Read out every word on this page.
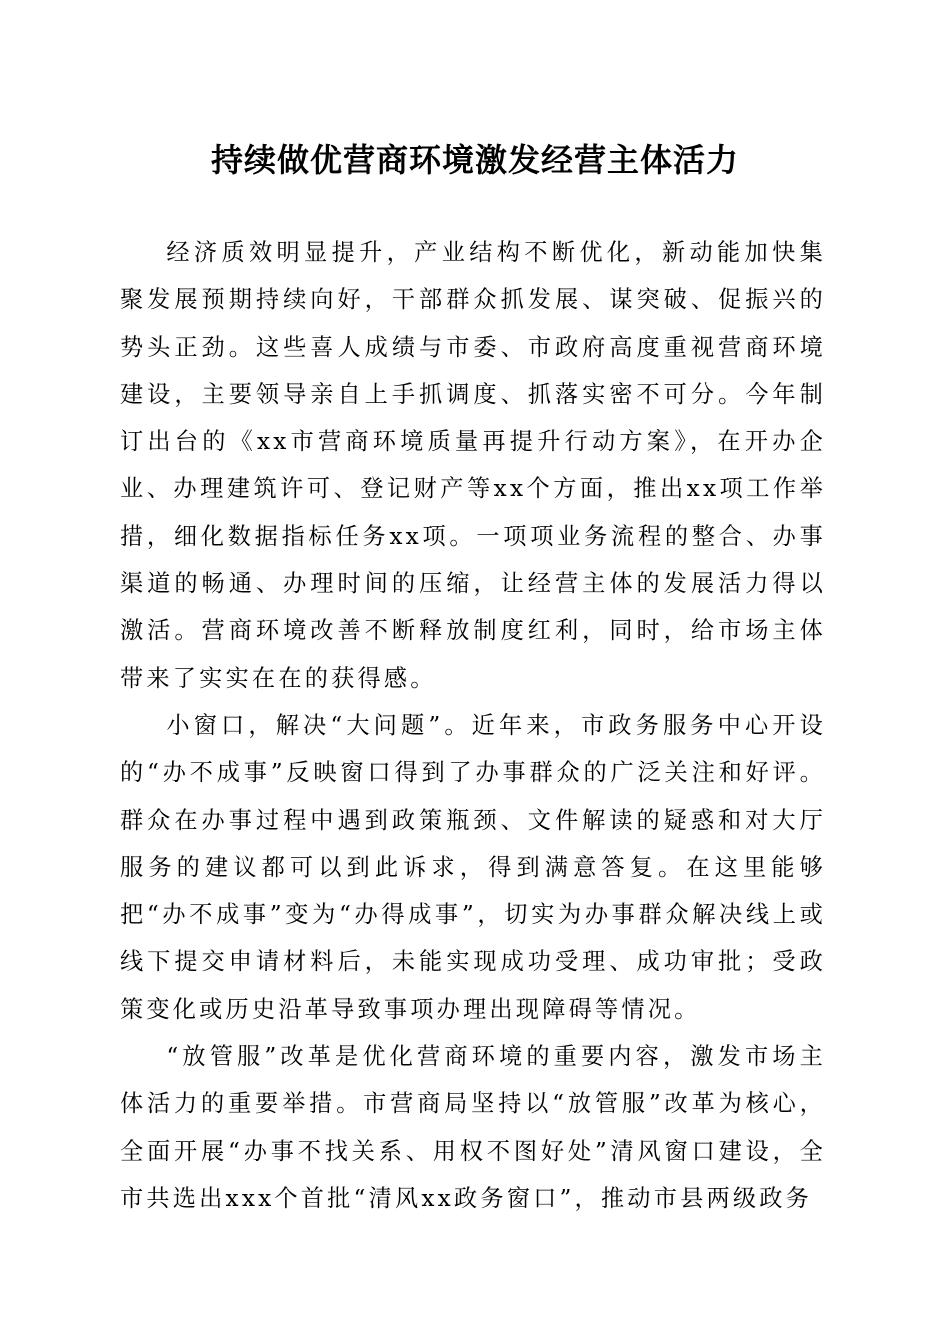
持续做优营商环境激发经营主体活力

经济质效明显提升，产业结构不断优化，新动能加快集聚发展预期持续向好，干部群众抓发展、谋突破、促振兴的势头正劲。这些喜人成绩与市委、市政府高度重视营商环境建设，主要领导亲自上手抓调度、抓落实密不可分。今年制订出台的《xx市营商环境质量再提升行动方案》，在开办企业、办理建筑许可、登记财产等xx个方面，推出xx项工作举措，细化数据指标任务xx项。一项项业务流程的整合、办事渠道的畅通、办理时间的压缩，让经营主体的发展活力得以激活。营商环境改善不断释放制度红利，同时，给市场主体带来了实实在在的获得感。

小窗口，解决“大问题”。近年来，市政务服务中心开设的“办不成事”反映窗口得到了办事群众的广泛关注和好评。群众在办事过程中遇到政策瓶颈、文件解读的疑惑和对大厅服务的建议都可以到此诉求，得到满意答复。在这里能够把“办不成事”变为“办得成事”，切实为办事群众解决线上或线下提交申请材料后，未能实现成功受理、成功审批；受政策变化或历史沿革导致事项办理出现障碍等情况。

“放管服”改革是优化营商环境的重要内容，激发市场主体活力的重要举措。市营商局坚持以“放管服”改革为核心，全面开展“办事不找关系、用权不图好处”清风窗口建设，全市共选出xxx个首批“清风xx政务窗口”，推动市县两级政务
